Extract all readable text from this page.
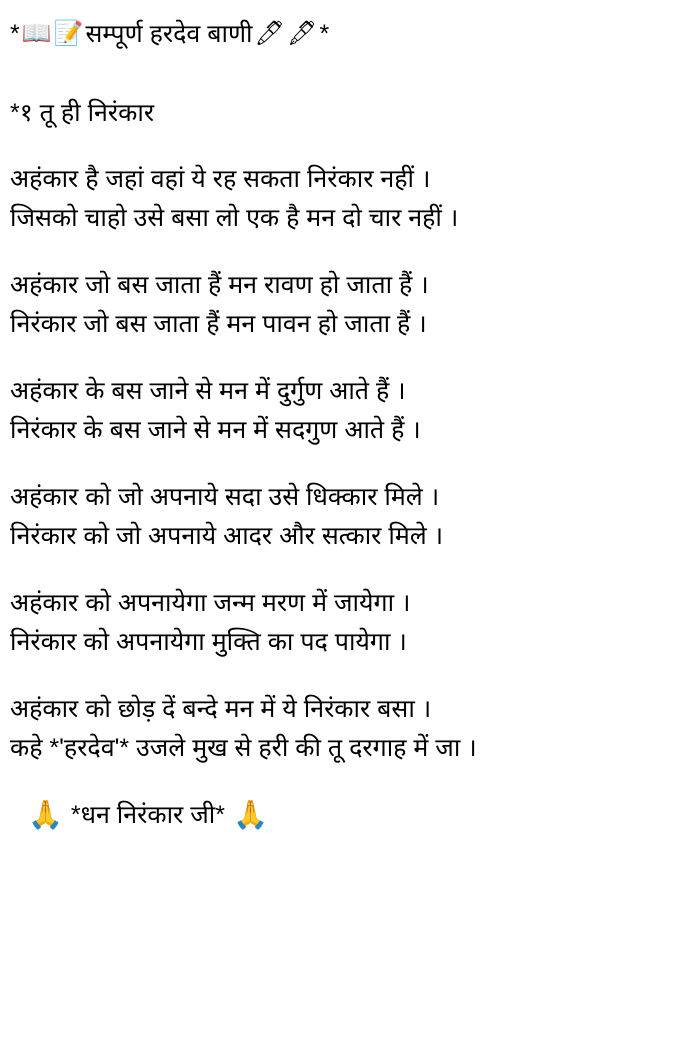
* 📖 📝 सम्पूर्ण हरदेव बाणी 🖊 🖋 *
*१ तू ही निरंकार
अहंकार है जहां वहां ये रह सकता निरंकार नहीं ।
जिसको चाहो उसे बसा लो एक है मन दो चार नहीं ।
अहंकार जो बस जाता हैं मन रावण हो जाता हैं ।
निरंकार जो बस जाता हैं मन पावन हो जाता हैं ।
अहंकार के बस जाने से मन में दुर्गुण आते हैं ।
निरंकार के बस जाने से मन में सदगुण आते हैं ।
अहंकार को जो अपनाये सदा उसे धिक्कार मिले ।
निरंकार को जो अपनाये आदर और सत्कार मिले ।
अहंकार को अपनायेगा जन्म मरण में जायेगा ।
निरंकार को अपनायेगा मुक्ति का पद पायेगा ।
अहंकार को छोड़ दें बन्दे मन में ये निरंकार बसा ।
कहे *'हरदेव'* उजले मुख से हरी की तू दरगाह में जा ।
🙏 *धन निरंकार जी* 🙏
